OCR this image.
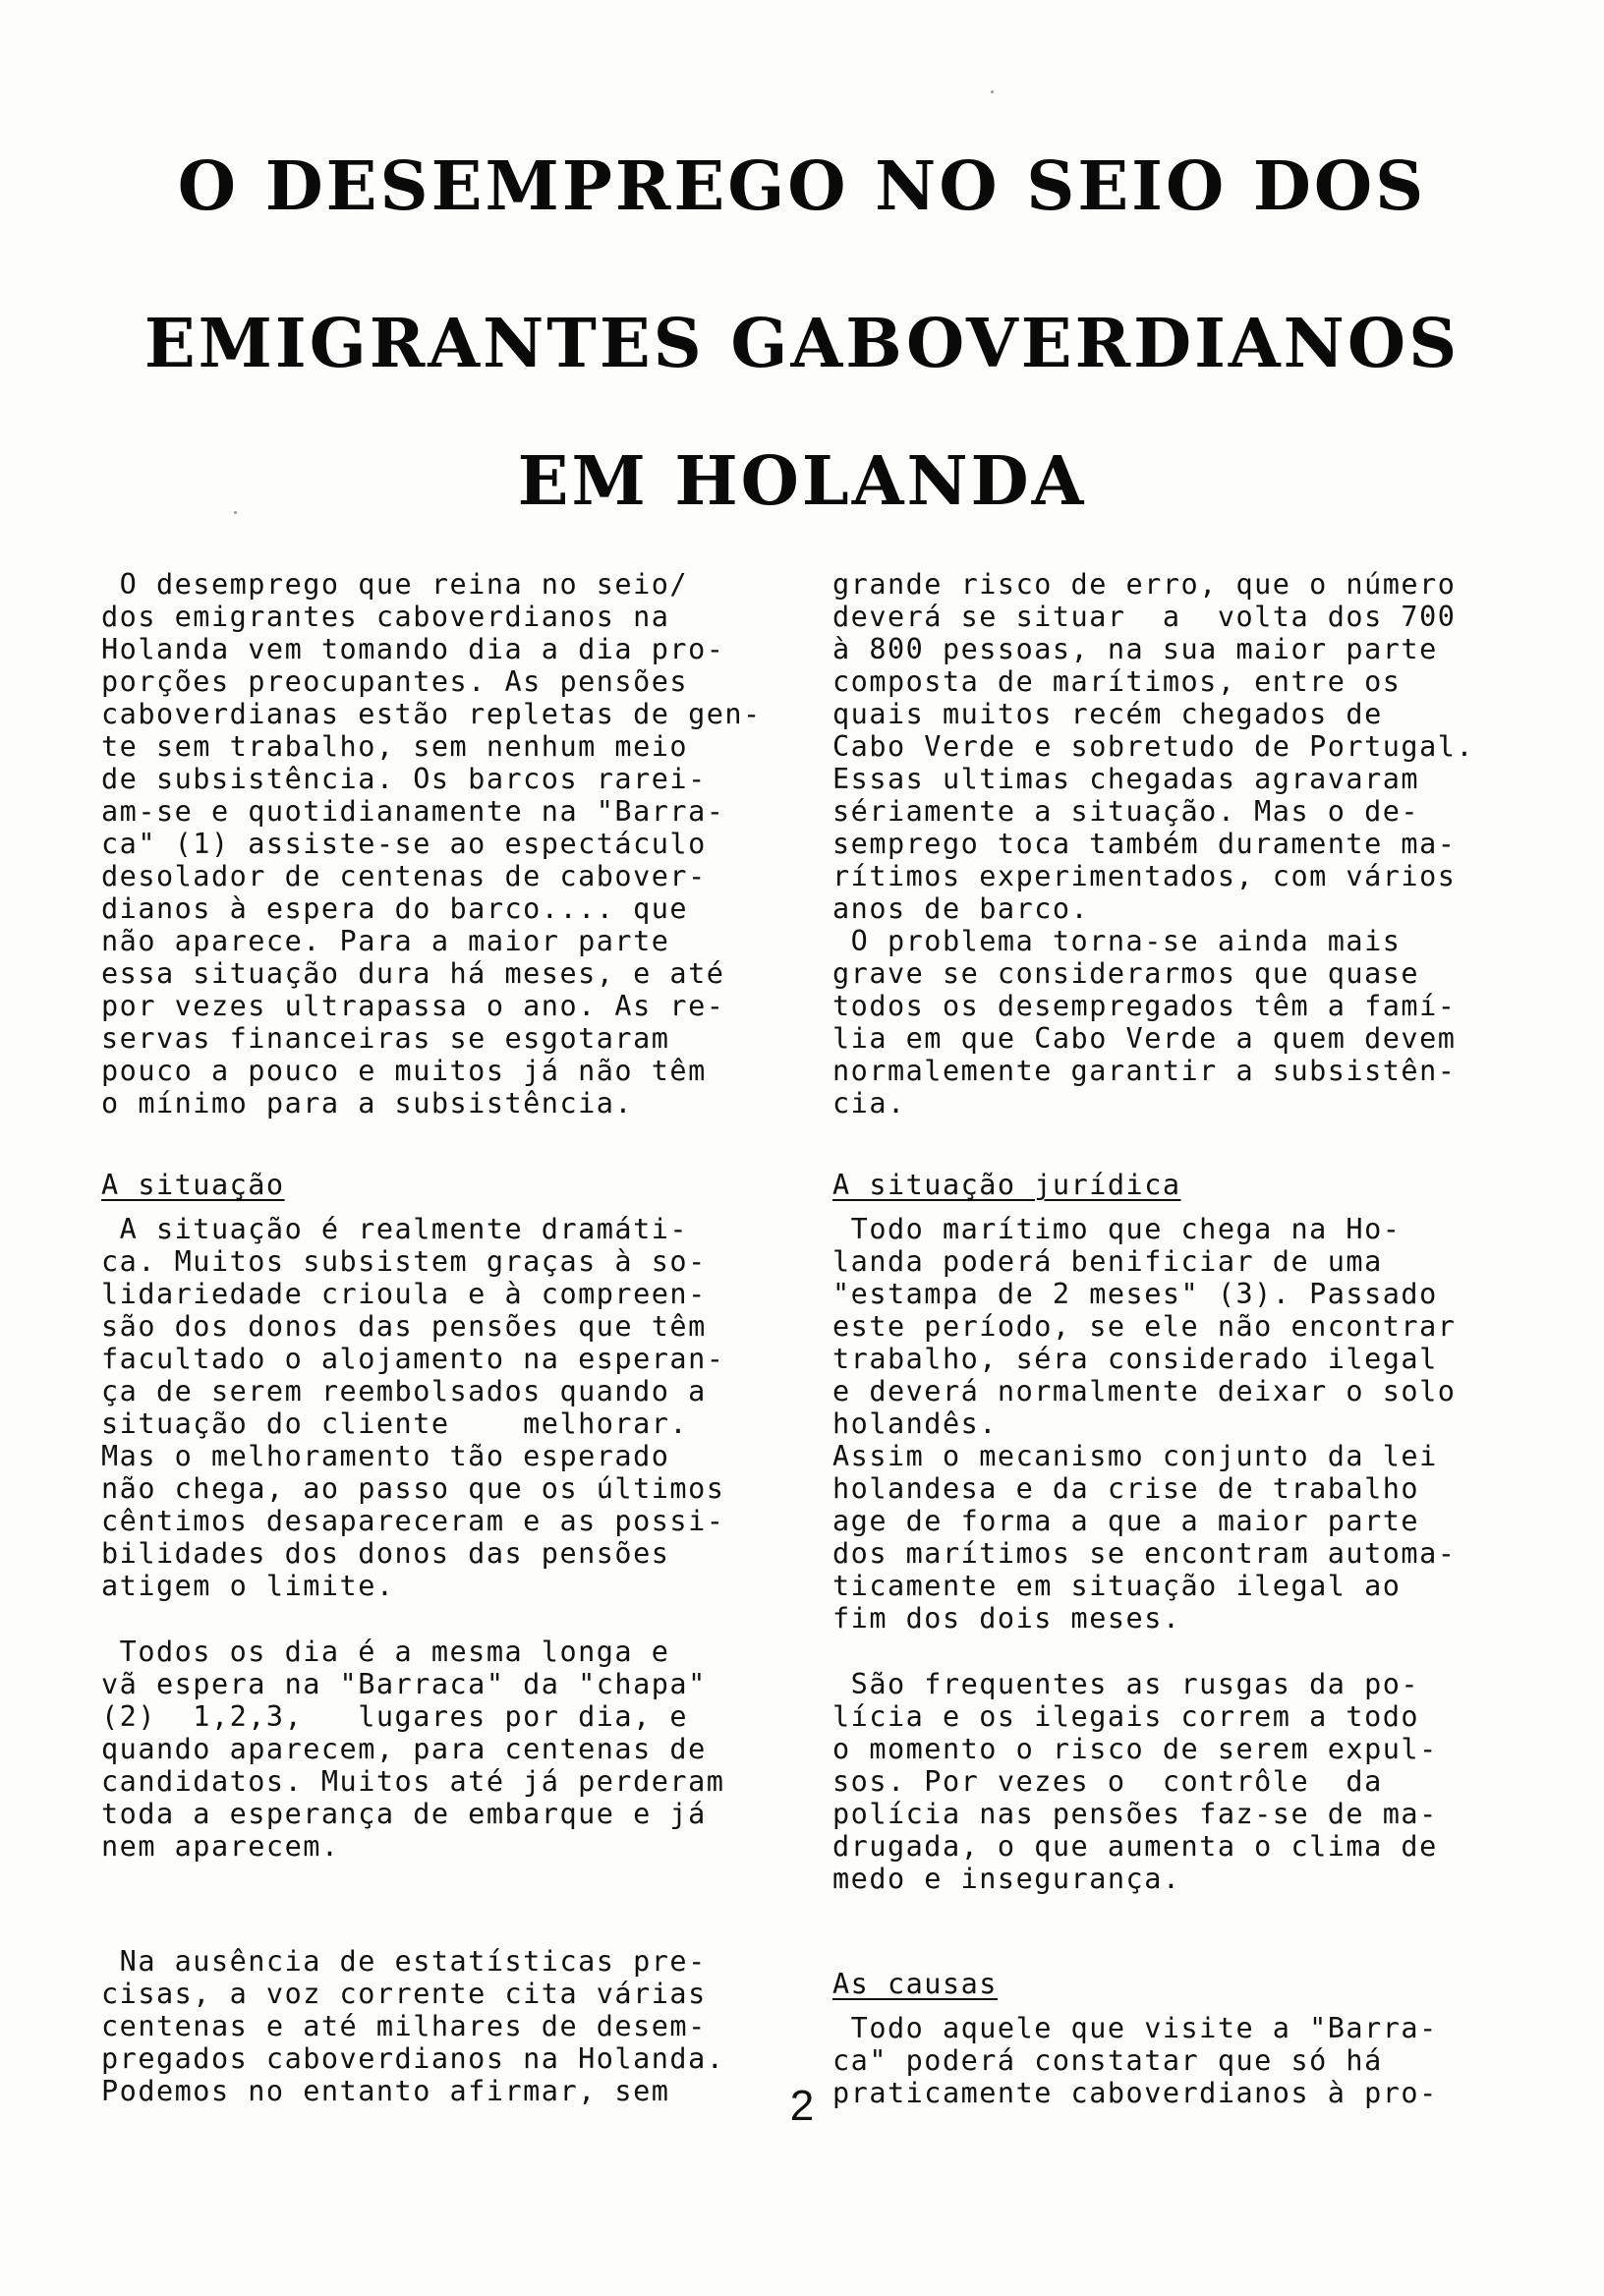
O DESEMPREGO NO SEIO DOS
EMIGRANTES GABOVERDIANOS
EM HOLANDA

O desemprego que reina no seio/
dos emigrantes caboverdianos na
Holanda vem tomando dia a dia pro-
porções preocupantes. As pensões
caboverdianas estão repletas de gen-
te sem trabalho, sem nenhum meio
de subsistência. Os barcos rarei-
am-se e quotidianamente na "Barra-
ca" (1) assiste-se ao espectáculo
desolador de centenas de cabover-
dianos à espera do barco.... que
não aparece. Para a maior parte
essa situação dura há meses, e até
por vezes ultrapassa o ano. As re-
servas financeiras se esgotaram
pouco a pouco e muitos já não têm
o mínimo para a subsistência.

A situação

A situação é realmente dramáti-
ca. Muitos subsistem graças à so-
lidariedade crioula e à compreen-
são dos donos das pensões que têm
facultado o alojamento na esperan-
ça de serem reembolsados quando a
situação do cliente    melhorar.
Mas o melhoramento tão esperado
não chega, ao passo que os últimos
cêntimos desapareceram e as possi-
bilidades dos donos das pensões
atigem o limite.

Todos os dia é a mesma longa e
vã espera na "Barraca" da "chapa"
(2)  1,2,3,   lugares por dia, e
quando aparecem, para centenas de
candidatos. Muitos até já perderam
toda a esperança de embarque e já
nem aparecem.

Na ausência de estatísticas pre-
cisas, a voz corrente cita várias
centenas e até milhares de desem-
pregados caboverdianos na Holanda.
Podemos no entanto afirmar, sem

grande risco de erro, que o número
deverá se situar  a  volta dos 700
à 800 pessoas, na sua maior parte
composta de marítimos, entre os
quais muitos recém chegados de
Cabo Verde e sobretudo de Portugal.
Essas ultimas chegadas agravaram
sériamente a situação. Mas o de-
semprego toca também duramente ma-
rítimos experimentados, com vários
anos de barco.

O problema torna-se ainda mais
grave se considerarmos que quase
todos os desempregados têm a famí-
lia em que Cabo Verde a quem devem
normalemente garantir a subsistên-
cia.

A situação jurídica

Todo marítimo que chega na Ho-
landa poderá benificiar de uma
"estampa de 2 meses" (3). Passado
este período, se ele não encontrar
trabalho, séra considerado ilegal
e deverá normalmente deixar o solo
holandês.
Assim o mecanismo conjunto da lei
holandesa e da crise de trabalho
age de forma a que a maior parte
dos marítimos se encontram automa-
ticamente em situação ilegal ao
fim dos dois meses.

São frequentes as rusgas da po-
lícia e os ilegais correm a todo
o momento o risco de serem expul-
sos. Por vezes o  contrôle  da
polícia nas pensões faz-se de ma-
drugada, o que aumenta o clima de
medo e insegurança.

As causas

Todo aquele que visite a "Barra-
ca" poderá constatar que só há
praticamente caboverdianos à pro-

2
